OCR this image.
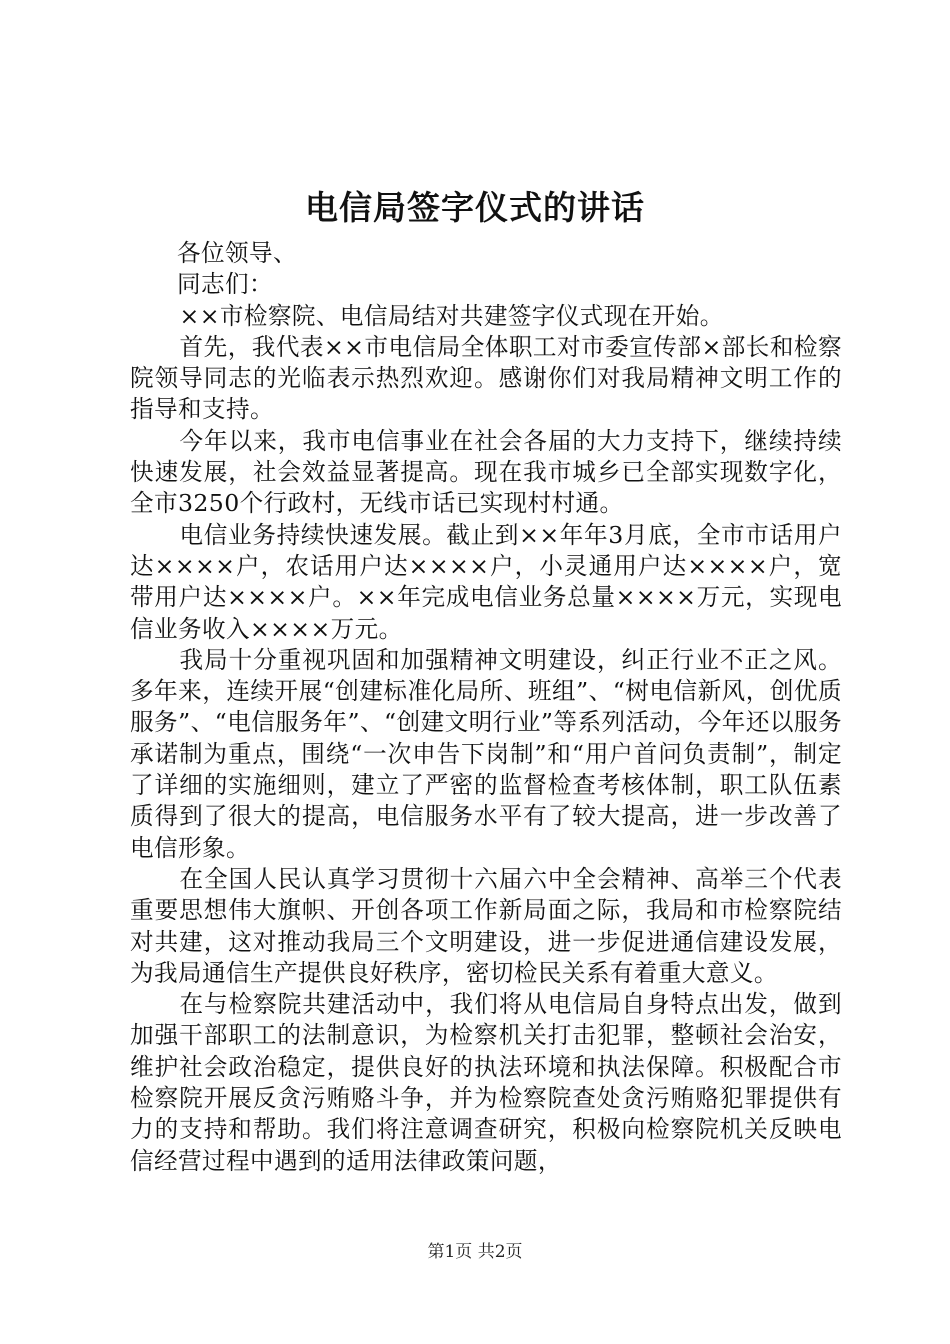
电信局签字仪式的讲话

各位领导、

同志们：

××市检察院、电信局结对共建签字仪式现在开始。

首先，我代表××市电信局全体职工对市委宣传部×部长和检察院领导同志的光临表示热烈欢迎。感谢你们对我局精神文明工作的指导和支持。

今年以来，我市电信事业在社会各届的大力支持下，继续持续快速发展，社会效益显著提高。现在我市城乡已全部实现数字化，全市3250个行政村，无线市话已实现村村通。

电信业务持续快速发展。截止到××年年3月底，全市市话用户达××××户，农话用户达××××户，小灵通用户达××××户，宽带用户达××××户。××年完成电信业务总量××××万元，实现电信业务收入××××万元。

我局十分重视巩固和加强精神文明建设，纠正行业不正之风。多年来，连续开展“创建标准化局所、班组”、“树电信新风，创优质服务”、“电信服务年”、“创建文明行业”等系列活动，今年还以服务承诺制为重点，围绕“一次申告下岗制”和“用户首问负责制”，制定了详细的实施细则，建立了严密的监督检查考核体制，职工队伍素质得到了很大的提高，电信服务水平有了较大提高，进一步改善了电信形象。

在全国人民认真学习贯彻十六届六中全会精神、高举三个代表重要思想伟大旗帜、开创各项工作新局面之际，我局和市检察院结对共建，这对推动我局三个文明建设，进一步促进通信建设发展，为我局通信生产提供良好秩序，密切检民关系有着重大意义。

在与检察院共建活动中，我们将从电信局自身特点出发，做到加强干部职工的法制意识，为检察机关打击犯罪，整顿社会治安，维护社会政治稳定，提供良好的执法环境和执法保障。积极配合市检察院开展反贪污贿赂斗争，并为检察院查处贪污贿赂犯罪提供有力的支持和帮助。我们将注意调查研究，积极向检察院机关反映电信经营过程中遇到的适用法律政策问题，

第1页 共2页
